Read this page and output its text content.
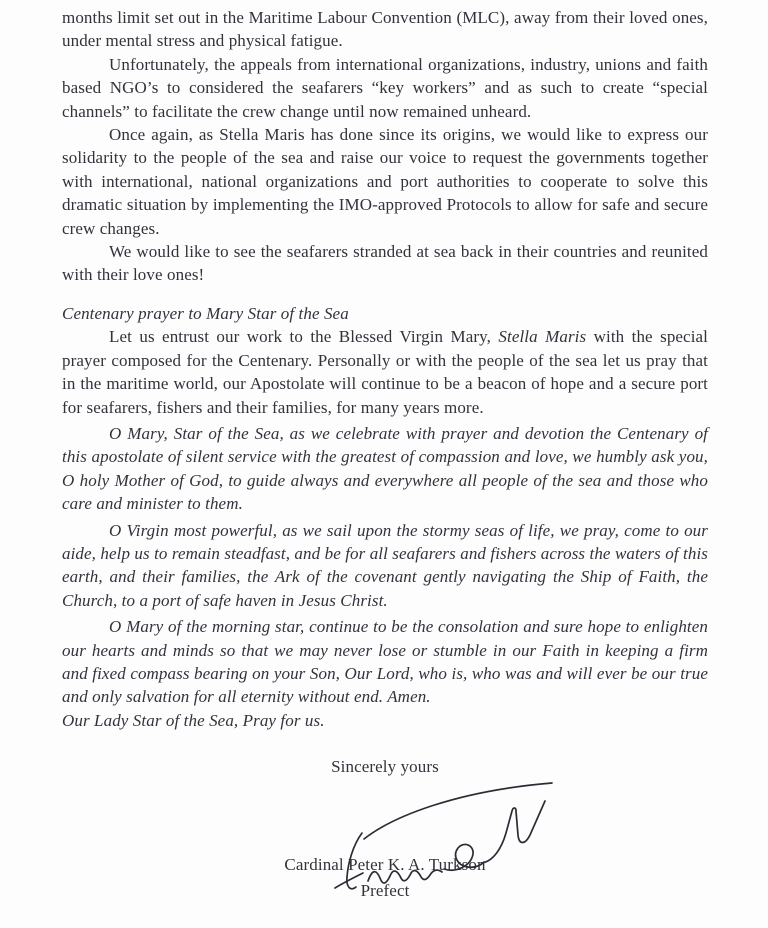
months limit set out in the Maritime Labour Convention (MLC), away from their loved ones, under mental stress and physical fatigue.

Unfortunately, the appeals from international organizations, industry, unions and faith based NGO’s to considered the seafarers “key workers” and as such to create “special channels” to facilitate the crew change until now remained unheard.

Once again, as Stella Maris has done since its origins, we would like to express our solidarity to the people of the sea and raise our voice to request the governments together with international, national organizations and port authorities to cooperate to solve this dramatic situation by implementing the IMO-approved Protocols to allow for safe and secure crew changes.

We would like to see the seafarers stranded at sea back in their countries and reunited with their love ones!

Centenary prayer to Mary Star of the Sea

Let us entrust our work to the Blessed Virgin Mary, Stella Maris with the special prayer composed for the Centenary. Personally or with the people of the sea let us pray that in the maritime world, our Apostolate will continue to be a beacon of hope and a secure port for seafarers, fishers and their families, for many years more.

O Mary, Star of the Sea, as we celebrate with prayer and devotion the Centenary of this apostolate of silent service with the greatest of compassion and love, we humbly ask you, O holy Mother of God, to guide always and everywhere all people of the sea and those who care and minister to them.

O Virgin most powerful, as we sail upon the stormy seas of life, we pray, come to our aide, help us to remain steadfast, and be for all seafarers and fishers across the waters of this earth, and their families, the Ark of the covenant gently navigating the Ship of Faith, the Church, to a port of safe haven in Jesus Christ.

O Mary of the morning star, continue to be the consolation and sure hope to enlighten our hearts and minds so that we may never lose or stumble in our Faith in keeping a firm and fixed compass bearing on your Son, Our Lord, who is, who was and will ever be our true and only salvation for all eternity without end. Amen.

Our Lady Star of the Sea, Pray for us.

Sincerely yours

Cardinal Peter K. A. Turkson

Prefect
